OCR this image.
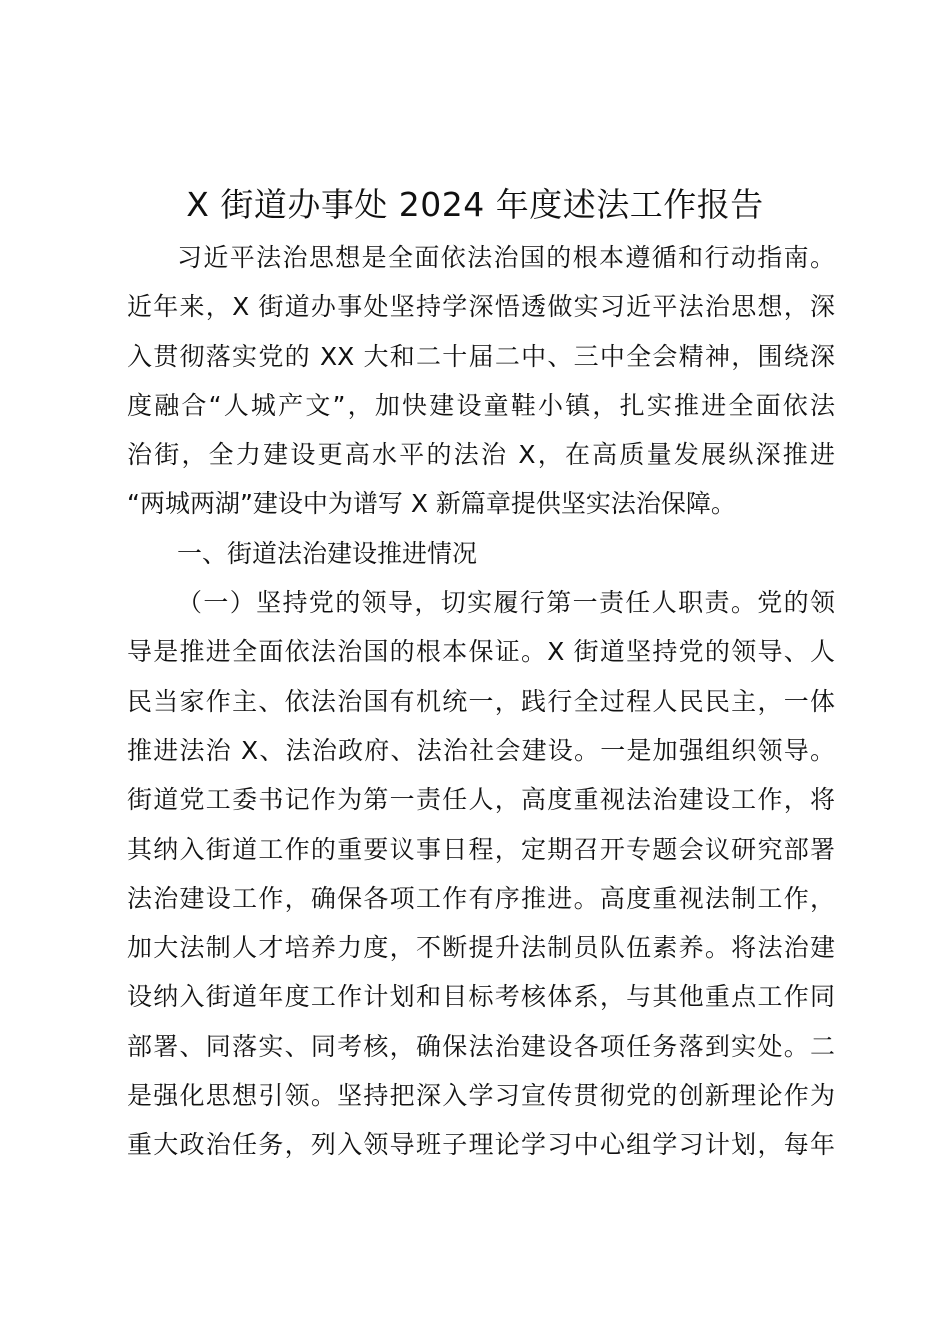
X 街道办事处 2024 年度述法工作报告
习近平法治思想是全面依法治国的根本遵循和行动指南。
近年来，X 街道办事处坚持学深悟透做实习近平法治思想，深
入贯彻落实党的 XX 大和二十届二中、三中全会精神，围绕深
度融合“人城产文”，加快建设童鞋小镇，扎实推进全面依法
治街，全力建设更高水平的法治 X，在高质量发展纵深推进
“两城两湖”建设中为谱写 X 新篇章提供坚实法治保障。
一、街道法治建设推进情况
（一）坚持党的领导，切实履行第一责任人职责。党的领
导是推进全面依法治国的根本保证。X 街道坚持党的领导、人
民当家作主、依法治国有机统一，践行全过程人民民主，一体
推进法治 X、法治政府、法治社会建设。一是加强组织领导。
街道党工委书记作为第一责任人，高度重视法治建设工作，将
其纳入街道工作的重要议事日程，定期召开专题会议研究部署
法治建设工作，确保各项工作有序推进。高度重视法制工作，
加大法制人才培养力度，不断提升法制员队伍素养。将法治建
设纳入街道年度工作计划和目标考核体系，与其他重点工作同
部署、同落实、同考核，确保法治建设各项任务落到实处。二
是强化思想引领。坚持把深入学习宣传贯彻党的创新理论作为
重大政治任务，列入领导班子理论学习中心组学习计划，每年
